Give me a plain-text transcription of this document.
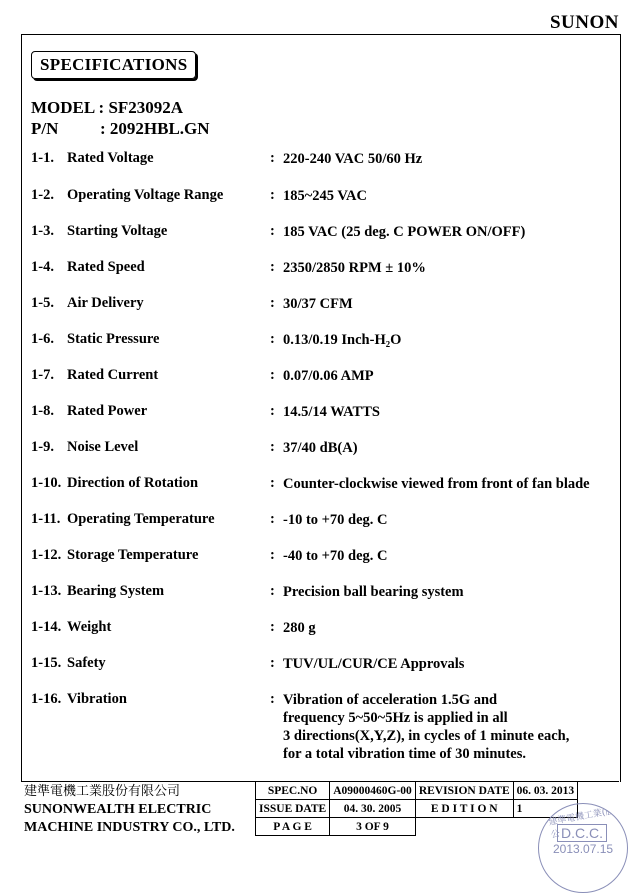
SUNON
SPECIFICATIONS
MODEL : SF23092A
P/N : 2092HBL.GN
1-1. Rated Voltage	: 220-240 VAC 50/60 Hz
1-2. Operating Voltage Range	: 185~245 VAC
1-3. Starting Voltage	: 185 VAC (25 deg. C POWER ON/OFF)
1-4. Rated Speed	: 2350/2850 RPM ± 10%
1-5. Air Delivery	: 30/37 CFM
1-6. Static Pressure	: 0.13/0.19 Inch-H₂O
1-7. Rated Current	: 0.07/0.06 AMP
1-8. Rated Power	: 14.5/14 WATTS
1-9. Noise Level	: 37/40 dB(A)
1-10. Direction of Rotation	: Counter-clockwise viewed from front of fan blade
1-11. Operating Temperature	: -10 to +70 deg. C
1-12. Storage Temperature	: -40 to +70 deg. C
1-13. Bearing System	: Precision ball bearing system
1-14. Weight	: 280 g
1-15. Safety	: TUV/UL/CUR/CE Approvals
1-16. Vibration	: Vibration of acceleration 1.5G and
frequency 5~50~5Hz is applied in all
3 directions(X,Y,Z), in cycles of 1 minute each,
for a total vibration time of 30 minutes.
建準電機工業股份有限公司
SUNONWEALTH ELECTRIC
MACHINE INDUSTRY CO., LTD.
SPEC.NO	A09000460G-00	REVISION DATE	06. 03. 2013
ISSUE DATE	04. 30. 2005	E D I T I O N	1
P A G E	3 OF 9			建準電機工業(股)公 D.C.C.
2013.07.15
